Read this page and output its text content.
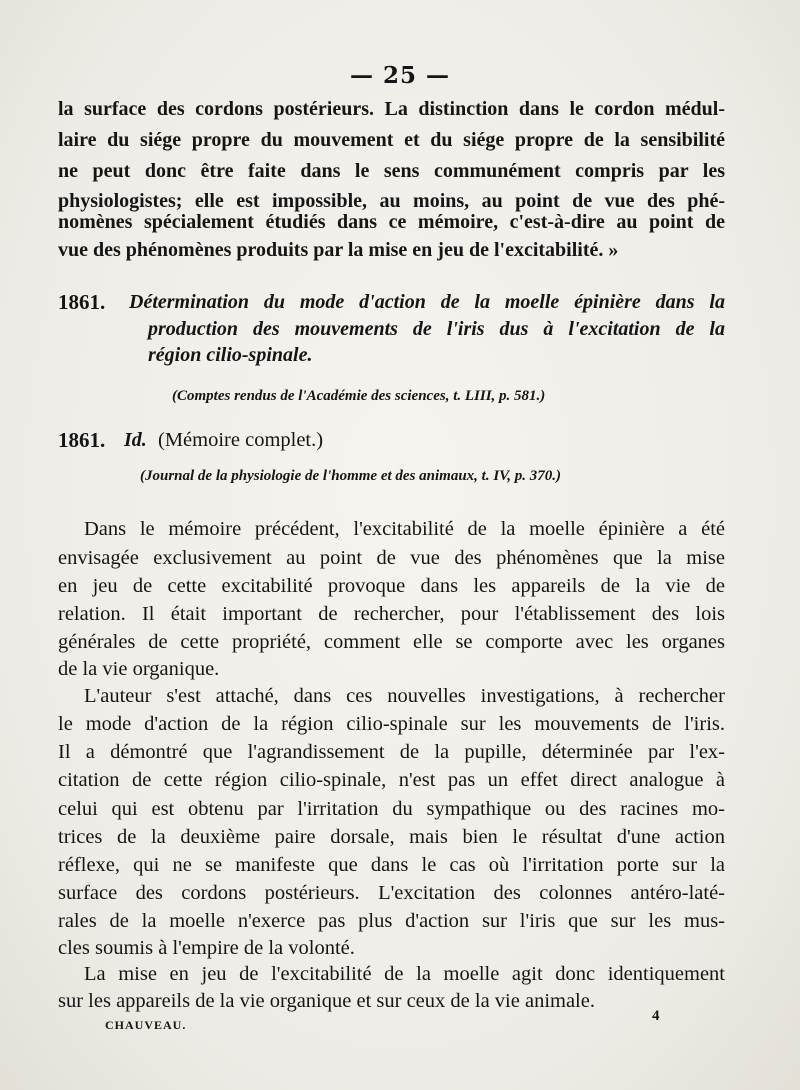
— 25 —
la surface des cordons postérieurs. La distinction dans le cordon médul-
laire du siége propre du mouvement et du siége propre de la sensibilité
ne peut donc être faite dans le sens communément compris par les
physiologistes; elle est impossible, au moins, au point de vue des phé-
nomènes spécialement étudiés dans ce mémoire, c'est-à-dire au point de
vue des phénomènes produits par la mise en jeu de l'excitabilité. »
1861.	Détermination du mode d'action de la moelle épinière dans la
production des mouvements de l'iris dus à l'excitation de la
région cilio-spinale.
(Comptes rendus de l'Académie des sciences, t. LIII, p. 581.)
1861. Id. (Mémoire complet.)
(Journal de la physiologie de l'homme et des animaux, t. IV, p. 370.)
Dans le mémoire précédent, l'excitabilité de la moelle épinière a été
envisagée exclusivement au point de vue des phénomènes que la mise
en jeu de cette excitabilité provoque dans les appareils de la vie de
relation. Il était important de rechercher, pour l'établissement des lois
générales de cette propriété, comment elle se comporte avec les organes
de la vie organique.
L'auteur s'est attaché, dans ces nouvelles investigations, à rechercher
le mode d'action de la région cilio-spinale sur les mouvements de l'iris.
Il a démontré que l'agrandissement de la pupille, déterminée par l'ex-
citation de cette région cilio-spinale, n'est pas un effet direct analogue à
celui qui est obtenu par l'irritation du sympathique ou des racines mo-
trices de la deuxième paire dorsale, mais bien le résultat d'une action
réflexe, qui ne se manifeste que dans le cas où l'irritation porte sur la
surface des cordons postérieurs. L'excitation des colonnes antéro-laté-
rales de la moelle n'exerce pas plus d'action sur l'iris que sur les mus-
cles soumis à l'empire de la volonté.
La mise en jeu de l'excitabilité de la moelle agit donc identiquement
sur les appareils de la vie organique et sur ceux de la vie animale.
CHAUVEAU.
4
